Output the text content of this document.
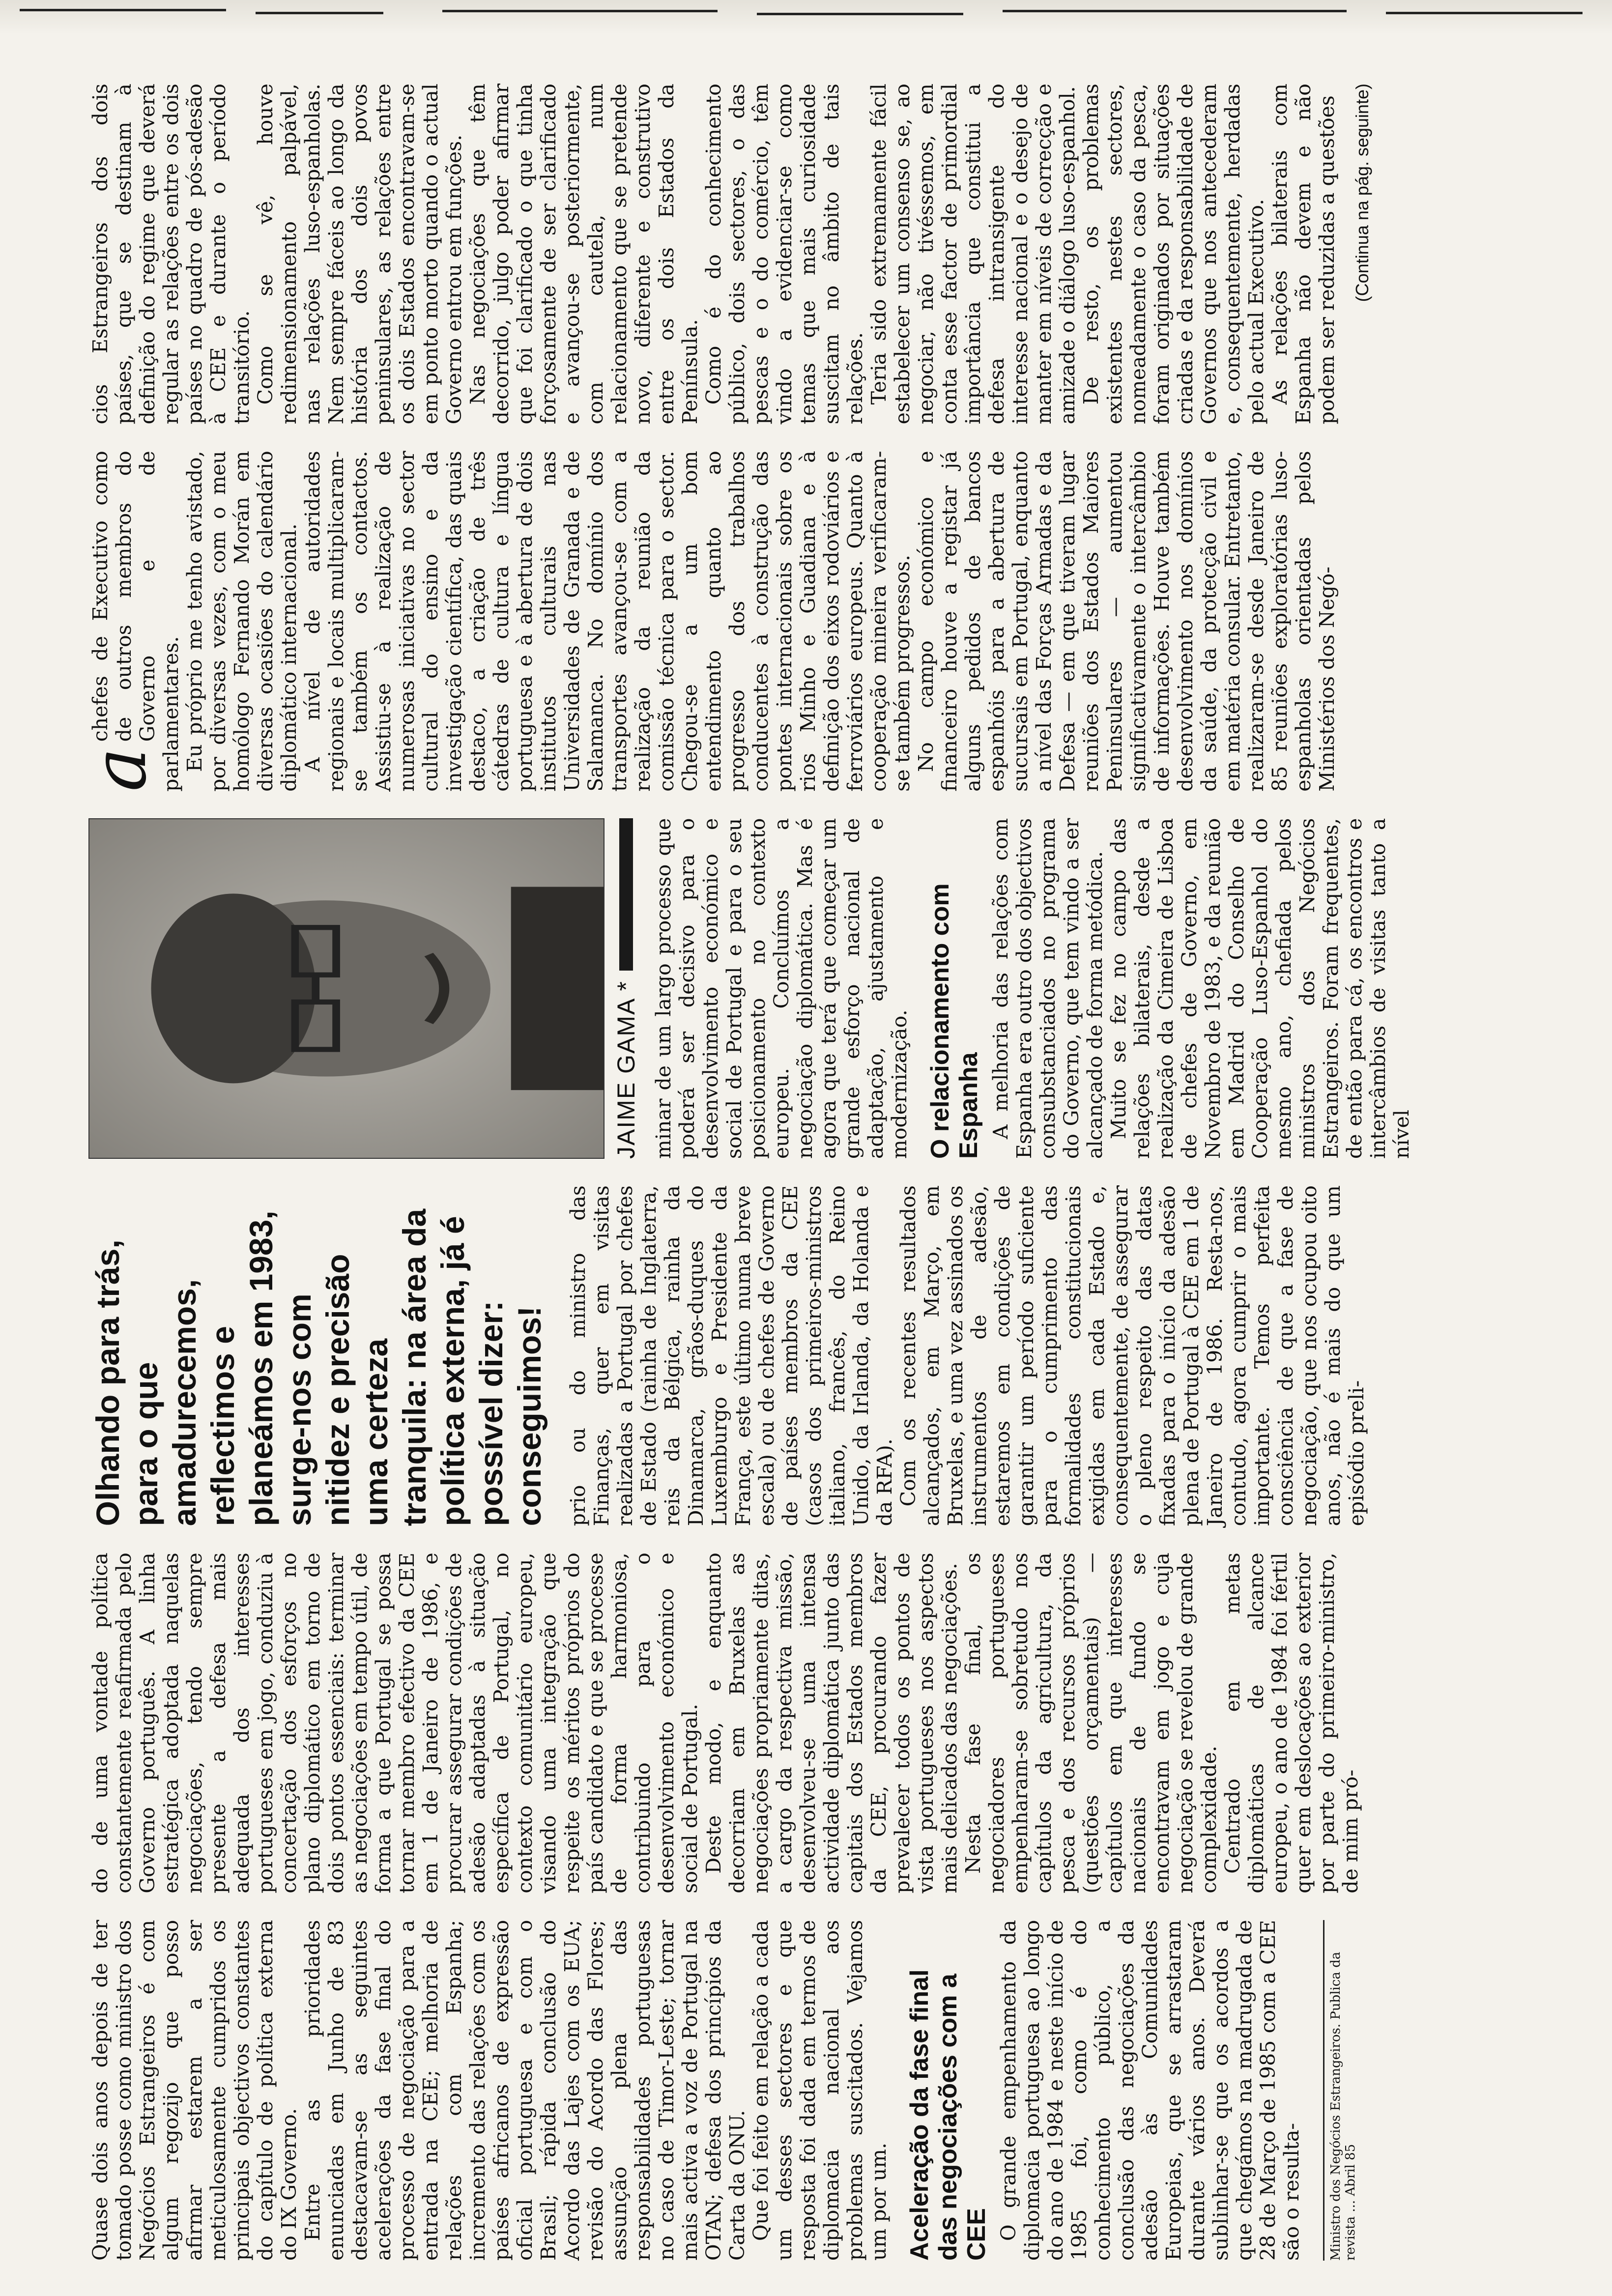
Quase dois anos depois de ter tomado posse como ministro dos Negócios Estrangeiros é com algum regozijo que posso afirmar estarem a ser meticulosamente cumpridos os principais objectivos constantes do capítulo de política externa do IX Governo. Entre as prioridades enunciadas em Junho de 83 destacavam-se as seguintes acelerações da fase final do processo de negociação para a entrada na CEE; melhoria de relações com Espanha; incremento das relações com os países africanos de expressão oficial portuguesa e com o Brasil; rápida conclusão do Acordo das Lajes com os EUA; revisão do Acordo das Flores; assunção plena das responsabilidades portuguesas no caso de Timor-Leste; tornar mais activa a voz de Portugal na OTAN; defesa dos princípios da Carta da ONU. Que foi feito em relação a cada um desses sectores e que resposta foi dada em termos de diplomacia nacional aos problemas suscitados. Vejamos um por um. Aceleração da fase final das negociações com a CEE O grande empenhamento da diplomacia portuguesa ao longo do ano de 1984 e neste início de 1985 foi, como é do conhecimento público, a conclusão das negociações da adesão às Comunidades Europeias, que se arrastaram durante vários anos. Deverá sublinhar-se que os acordos a que chegámos na madrugada de 28 de Março de 1985 com a CEE são o resulta-	Ministro dos Negócios Estrangeiros. Publica da revista ... Abril 85

do de uma vontade política constantemente reafirmada pelo Governo português. A linha estratégica adoptada naquelas negociações, tendo sempre presente a defesa mais adequada dos interesses portugueses em jogo, conduziu à concertação dos esforços no plano diplomático em torno de dois pontos essenciais: terminar as negociações em tempo útil, de forma a que Portugal se possa tornar membro efectivo da CEE em 1 de Janeiro de 1986, e procurar assegurar condições de adesão adaptadas à situação específica de Portugal, no contexto comunitário europeu, visando uma integração que respeite os méritos próprios do país candidato e que se processe de forma harmoniosa, contribuindo para o desenvolvimento económico e social de Portugal. Deste modo, e enquanto decorriam em Bruxelas as negociações propriamente ditas, a cargo da respectiva missão, desenvolveu-se uma intensa actividade diplomática junto das capitais dos Estados membros da CEE, procurando fazer prevalecer todos os pontos de vista portugueses nos aspectos mais delicados das negociações. Nesta fase final, os negociadores portugueses empenharam-se sobretudo nos capítulos da agricultura, da pesca e dos recursos próprios (questões orçamentais) — capítulos em que interesses nacionais de fundo se encontravam em jogo e cuja negociação se revelou de grande complexidade. Centrado em metas diplomáticas de alcance europeu, o ano de 1984 foi fértil quer em deslocações ao exterior por parte do primeiro-ministro, de mim pró-

Olhando para trás, para o que amadurecemos, reflectimos e planeámos em 1983, surge-nos com nitidez e precisão uma certeza tranquila: na área da política externa, já é possível dizer: conseguimos! prio ou do ministro das Finanças, quer em visitas realizadas a Portugal por chefes de Estado (rainha de Inglaterra, reis da Bélgica, rainha da Dinamarca, grãos-duques do Luxemburgo e Presidente da França, este último numa breve escala) ou de chefes de Governo de países membros da CEE (casos dos primeiros-ministros italiano, francês, do Reino Unido, da Irlanda, da Holanda e da RFA). Com os recentes resultados alcançados, em Março, em Bruxelas, e uma vez assinados os instrumentos de adesão, estaremos em condições de garantir um período suficiente para o cumprimento das formalidades constitucionais exigidas em cada Estado e, consequentemente, de assegurar o pleno respeito das datas fixadas para o início da adesão plena de Portugal à CEE em 1 de Janeiro de 1986. Resta-nos, contudo, agora cumprir o mais importante. Temos perfeita consciência de que a fase de negociação, que nos ocupou oito anos, não é mais do que um episódio preli-

JAIME GAMA * minar de um largo processo que poderá ser decisivo para o desenvolvimento económico e social de Portugal e para o seu posicionamento no contexto europeu. Concluímos a negociação diplomática. Mas é agora que terá que começar um grande esforço nacional de adaptação, ajustamento e modernização. O relacionamento com Espanha A melhoria das relações com Espanha era outro dos objectivos consubstanciados no programa do Governo, que tem vindo a ser alcançado de forma metódica. Muito se fez no campo das relações bilaterais, desde a realização da Cimeira de Lisboa de chefes de Governo, em Novembro de 1983, e da reunião em Madrid do Conselho de Cooperação Luso-Espanhol do mesmo ano, chefiada pelos ministros dos Negócios Estrangeiros. Foram frequentes, de então para cá, os encontros e intercâmbios de visitas tanto a nível

a
chefes de Executivo como de outros membros do Governo e de parlamentares. Eu próprio me tenho avistado, por diversas vezes, com o meu homólogo Fernando Morán em diversas ocasiões do calendário diplomático internacional. A nível de autoridades regionais e locais multiplicaram-se também os contactos. Assistiu-se à realização de numerosas iniciativas no sector cultural do ensino e da investigação científica, das quais destaco, a criação de três cátedras de cultura e língua portuguesa e à abertura de dois institutos culturais nas Universidades de Granada e de Salamanca. No domínio dos transportes avançou-se com a realização da reunião da comissão técnica para o sector. Chegou-se a um bom entendimento quanto ao progresso dos trabalhos conducentes à construção das pontes internacionais sobre os rios Minho e Guadiana e à definição dos eixos rodoviários e ferroviários europeus. Quanto à cooperação mineira verificaram-se também progressos. No campo económico e financeiro houve a registar já alguns pedidos de bancos espanhóis para a abertura de sucursais em Portugal, enquanto a nível das Forças Armadas e da Defesa — em que tiveram lugar reuniões dos Estados Maiores Peninsulares — aumentou significativamente o intercâmbio de informações. Houve também desenvolvimento nos domínios da saúde, da protecção civil e em matéria consular. Entretanto, realizaram-se desde Janeiro de 85 reuniões exploratórias luso-espanholas orientadas pelos Ministérios dos Negó-

cios Estrangeiros dos dois países, que se destinam à definição do regime que deverá regular as relações entre os dois países no quadro de pós-adesão à CEE e durante o período transitório. Como se vê, houve redimensionamento palpável, nas relações luso-espanholas. Nem sempre fáceis ao longo da história dos dois povos peninsulares, as relações entre os dois Estados encontravam-se em ponto morto quando o actual Governo entrou em funções. Nas negociações que têm decorrido, julgo poder afirmar que foi clarificado o que tinha forçosamente de ser clarificado e avançou-se posteriormente, com cautela, num relacionamento que se pretende novo, diferente e construtivo entre os dois Estados da Península. Como é do conhecimento público, dois sectores, o das pescas e o do comércio, têm vindo a evidenciar-se como temas que mais curiosidade suscitam no âmbito de tais relações. Teria sido extremamente fácil estabelecer um consenso se, ao negociar, não tivéssemos, em conta esse factor de primordial importância que constitui a defesa intransigente do interesse nacional e o desejo de manter em níveis de correcção e amizade o diálogo luso-espanhol. De resto, os problemas existentes nestes sectores, nomeadamente o caso da pesca, foram originados por situações criadas e da responsabilidade de Governos que nos antecederam e, consequentemente, herdadas pelo actual Executivo. As relações bilaterais com Espanha não devem e não podem ser reduzidas a questões (Continua na pág. seguinte)
